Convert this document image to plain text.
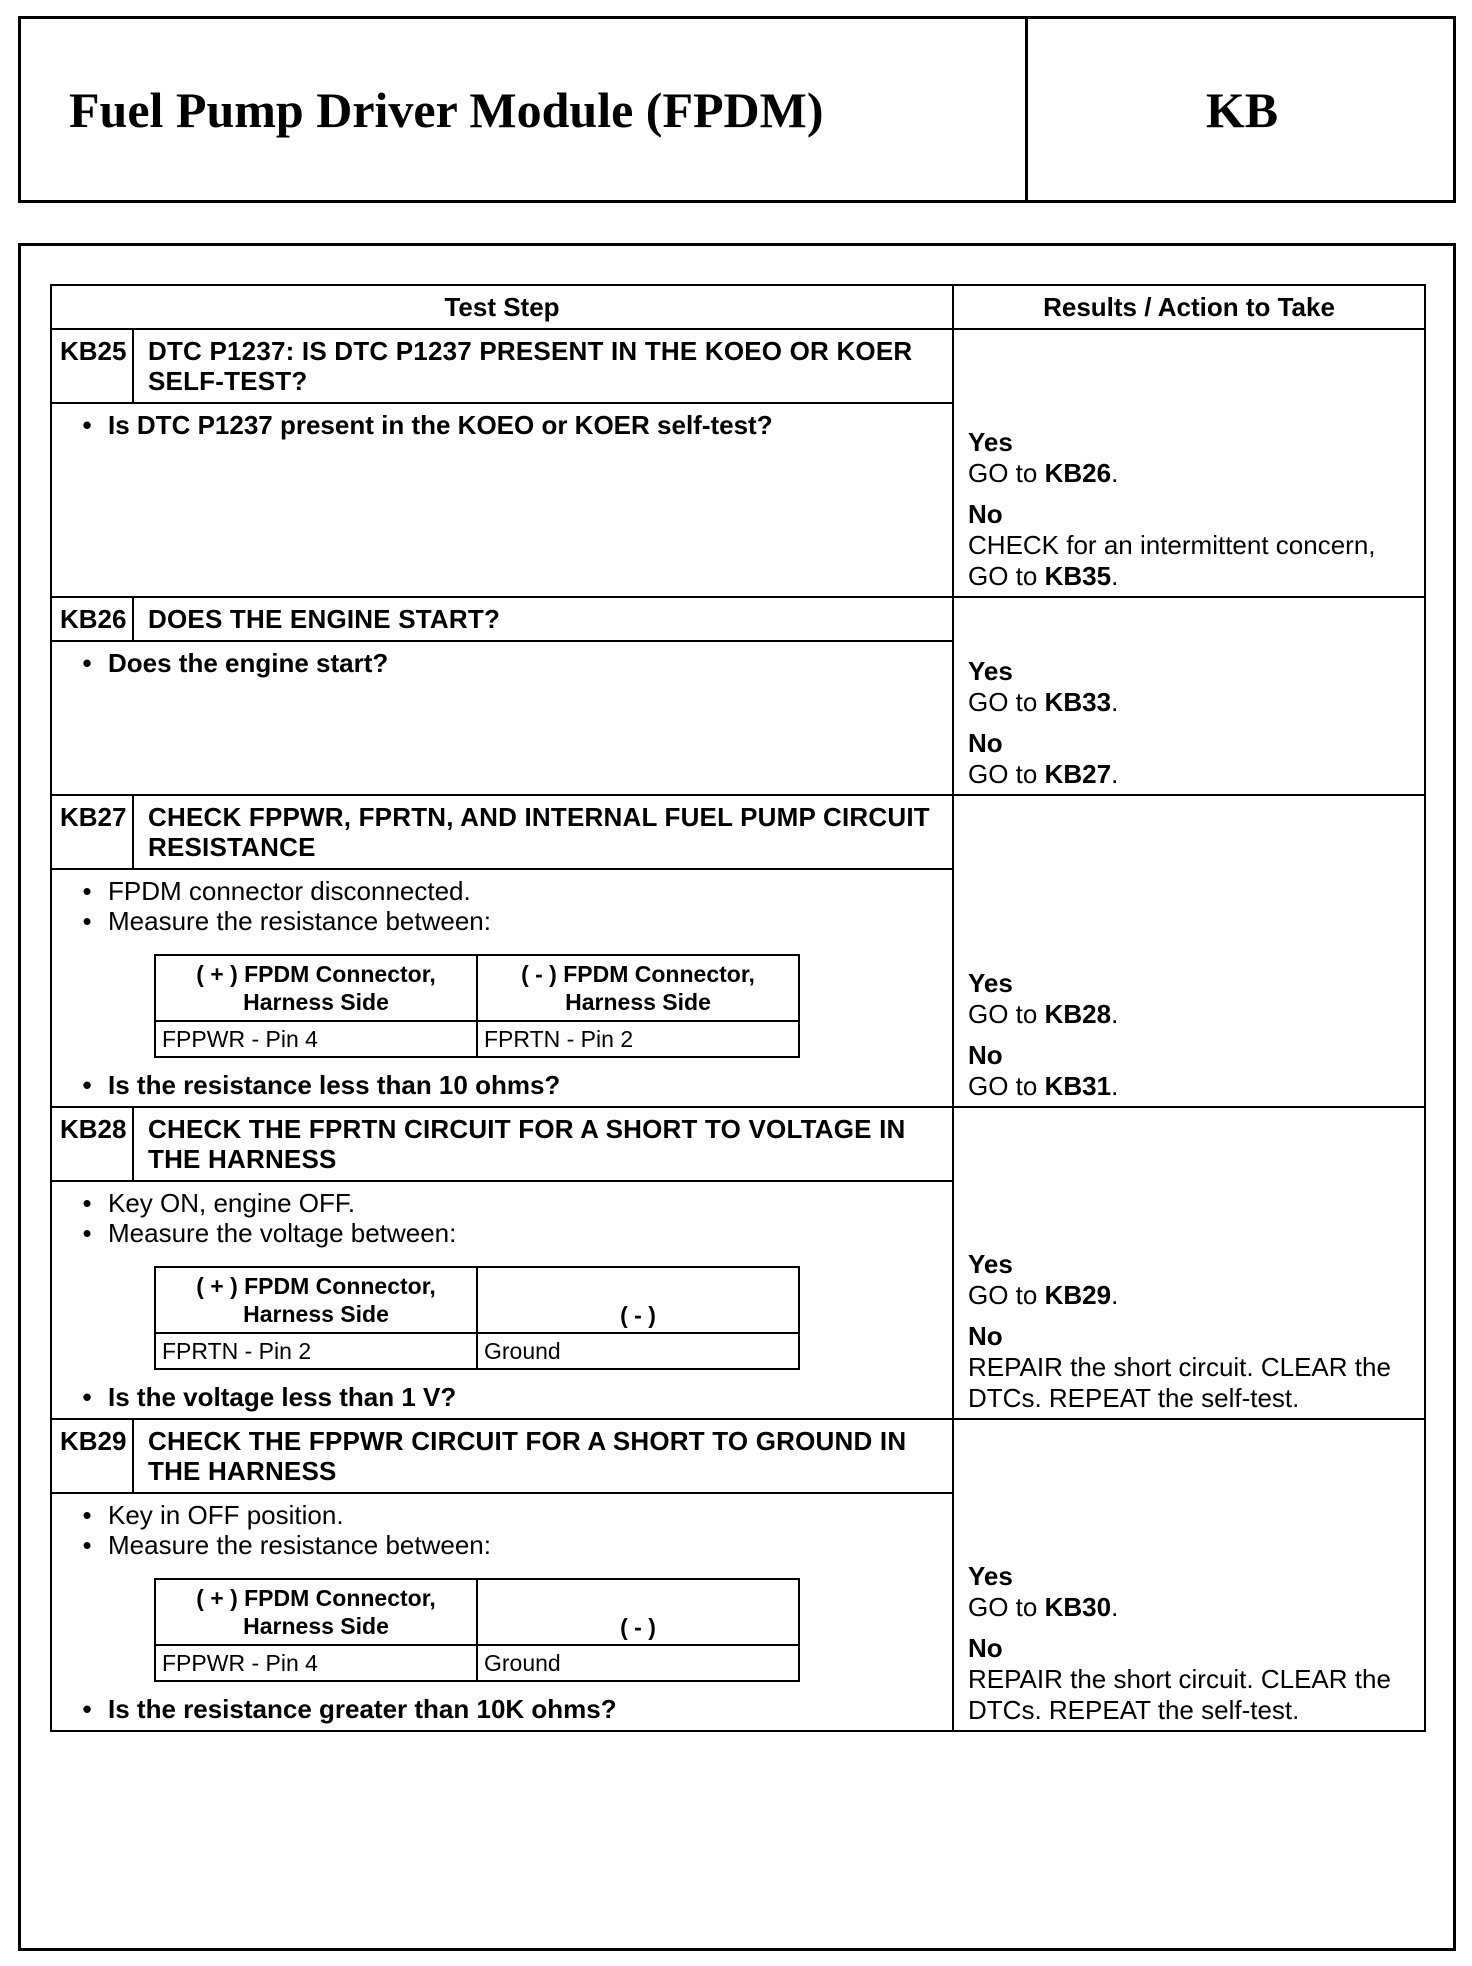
Fuel Pump Driver Module (FPDM)	KB
Test Step	Results / Action to Take
KB25	DTC P1237: IS DTC P1237 PRESENT IN THE KOEO OR KOER SELF-TEST?	
Yes
GO to KB26.
No
CHECK for an intermittent concern,
GO to KB35.

• Is DTC P1237 present in the KOEO or KOER self-test?

KB26	DOES THE ENGINE START?	
Yes
GO to KB33.
No
GO to KB27.

• Does the engine start?

KB27	CHECK FPPWR, FPRTN, AND INTERNAL FUEL PUMP CIRCUIT RESISTANCE	
Yes
GO to KB28.
No
GO to KB31.

• FPDM connector disconnected.
• Measure the resistance between:
( + ) FPDM Connector, Harness Side	( - ) FPDM Connector, Harness Side
FPPWR - Pin 4	FPRTN - Pin 2
• Is the resistance less than 10 ohms?

KB28	CHECK THE FPRTN CIRCUIT FOR A SHORT TO VOLTAGE IN THE HARNESS	
Yes
GO to KB29.
No
REPAIR the short circuit. CLEAR the DTCs. REPEAT the self-test.

• Key ON, engine OFF.
• Measure the voltage between:
( + ) FPDM Connector, Harness Side	( - )
FPRTN - Pin 2	Ground
• Is the voltage less than 1 V?

KB29	CHECK THE FPPWR CIRCUIT FOR A SHORT TO GROUND IN THE HARNESS	
Yes
GO to KB30.
No
REPAIR the short circuit. CLEAR the DTCs. REPEAT the self-test.

• Key in OFF position.
• Measure the resistance between:
( + ) FPDM Connector, Harness Side	( - )
FPPWR - Pin 4	Ground
• Is the resistance greater than 10K ohms?
